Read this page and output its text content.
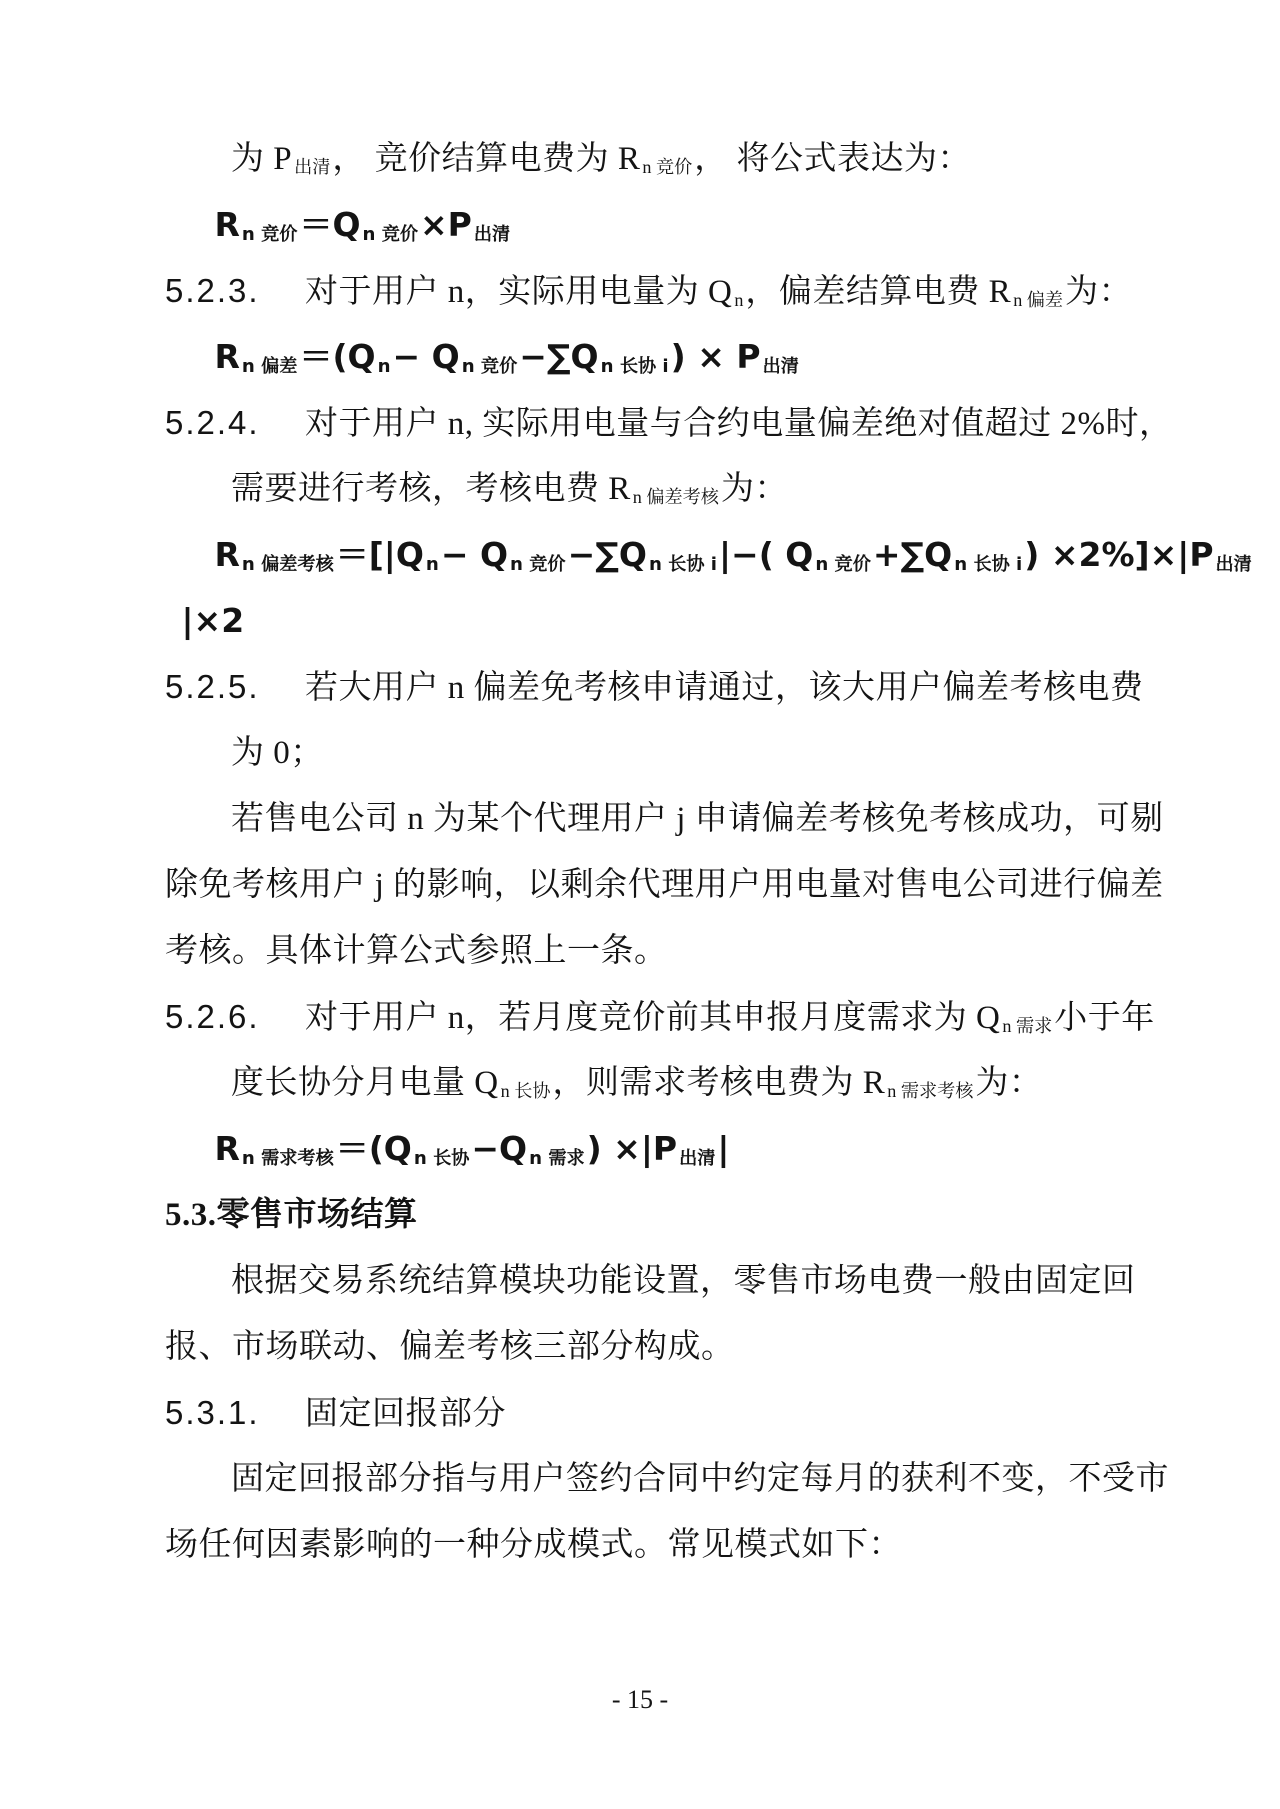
为 P $_{出清}$， 竞价结算电费为 R $_{n 竞价}$， 将公式表达为：
R $_{n 竞价}$＝Q $_{n 竞价}$×P $_{出清}$
5.2.3. 对于用户 n，实际用电量为 Q $_n$，偏差结算电费 R $_{n 偏差}$为：
R $_{n 偏差}$＝(Q $_n$− Q $_{n 竞价}$−∑Q $_{n 长协 i}$) × P $_{出清}$
5.2.4. 对于用户 n, 实际用电量与合约电量偏差绝对值超过 2%时，
需要进行考核，考核电费 R $_{n 偏差考核}$为：
R $_{n 偏差考核}$＝[|Q $_n$− Q $_{n 竞价}$−∑Q $_{n 长协 i}$|−( Q $_{n 竞价}$+∑Q $_{n 长协 i}$) ×2%]×|P $_{出清}$
|×2
5.2.5. 若大用户 n 偏差免考核申请通过，该大用户偏差考核电费
为 0；
若售电公司 n 为某个代理用户 j 申请偏差考核免考核成功，可剔
除免考核用户 j 的影响，以剩余代理用户用电量对售电公司进行偏差
考核。具体计算公式参照上一条。
5.2.6. 对于用户 n，若月度竞价前其申报月度需求为 Q $_{n 需求}$小于年
度长协分月电量 Q $_{n 长协}$，则需求考核电费为 R $_{n 需求考核}$为：
R $_{n 需求考核}$＝(Q $_{n 长协}$−Q $_{n 需求}$) ×|P $_{出清}$|
5.3.零售市场结算
根据交易系统结算模块功能设置，零售市场电费一般由固定回
报、市场联动、偏差考核三部分构成。
5.3.1. 固定回报部分
固定回报部分指与用户签约合同中约定每月的获利不变，不受市
场任何因素影响的一种分成模式。常见模式如下：
- 15 -
